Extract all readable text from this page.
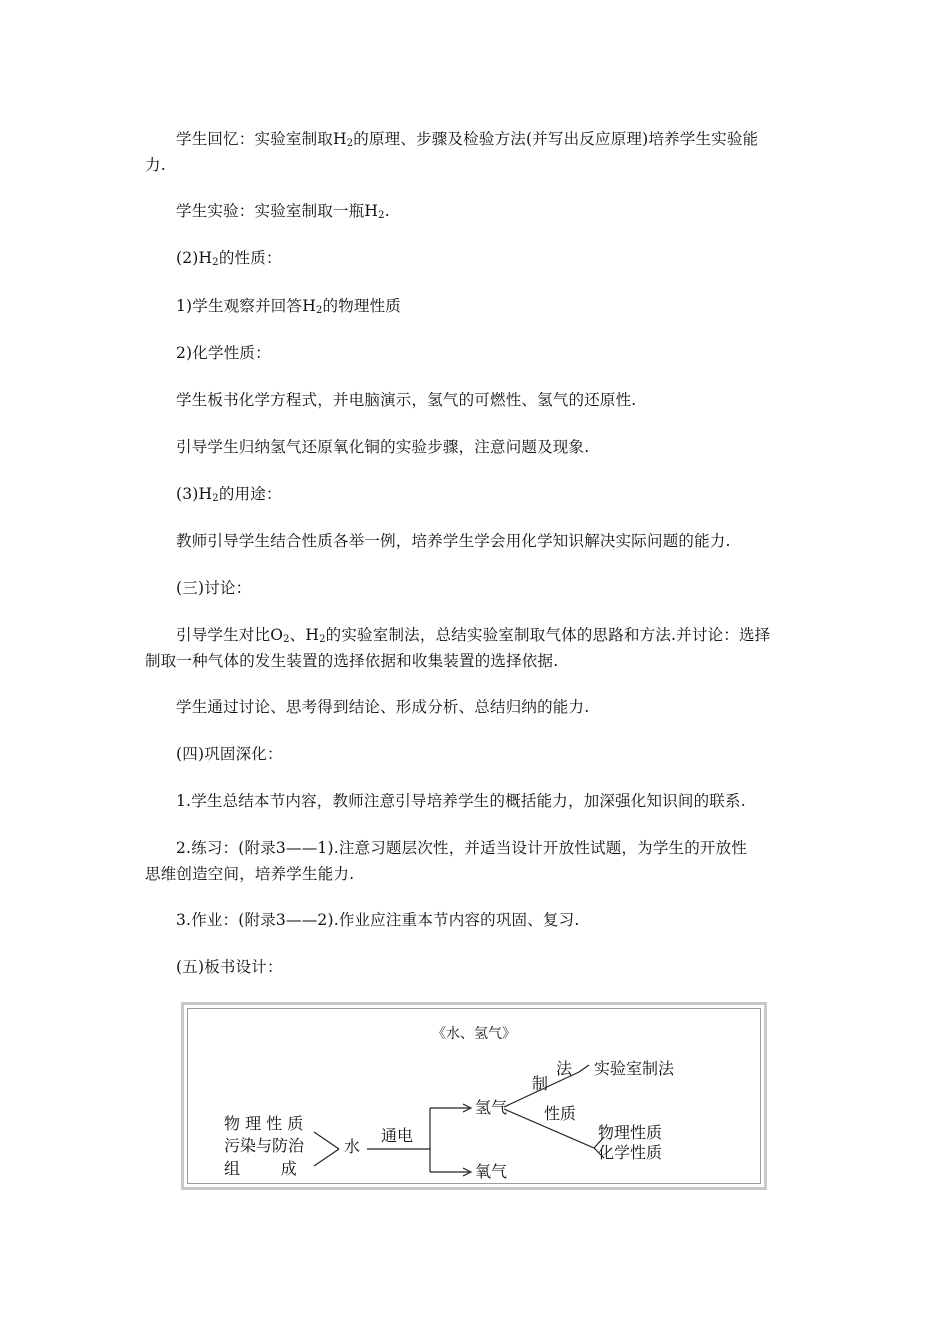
学生回忆：实验室制取$H_2$的原理、步骤及检验方法(并写出反应原理)培养学生实验能
力.
学生实验：实验室制取一瓶$H_2$.
$(2)H_2$的性质：
1)学生观察并回答$H_2$的物理性质
2)化学性质：
学生板书化学方程式，并电脑演示，氢气的可燃性、氢气的还原性.
引导学生归纳氢气还原氧化铜的实验步骤，注意问题及现象.
$(3)H_2$的用途：
教师引导学生结合性质各举一例，培养学生学会用化学知识解决实际问题的能力.
(三)讨论：
引导学生对比$O_2$、$H_2$的实验室制法，总结实验室制取气体的思路和方法.并讨论：选择
制取一种气体的发生装置的选择依据和收集装置的选择依据.
学生通过讨论、思考得到结论、形成分析、总结归纳的能力.
(四)巩固深化：
1.学生总结本节内容，教师注意引导培养学生的概括能力，加深强化知识间的联系.
2.练习：(附录3——1).注意习题层次性，并适当设计开放性试题，为学生的开放性
思维创造空间，培养学生能力.
3.作业：(附录3——2).作业应注重本节内容的巩固、复习.
(五)板书设计：
《水、氢气》
物 理 性 质
污染与防治
组        成
水
通电
氢气
氧气
制
法 实验室制法
性质
物理性质
化学性质
